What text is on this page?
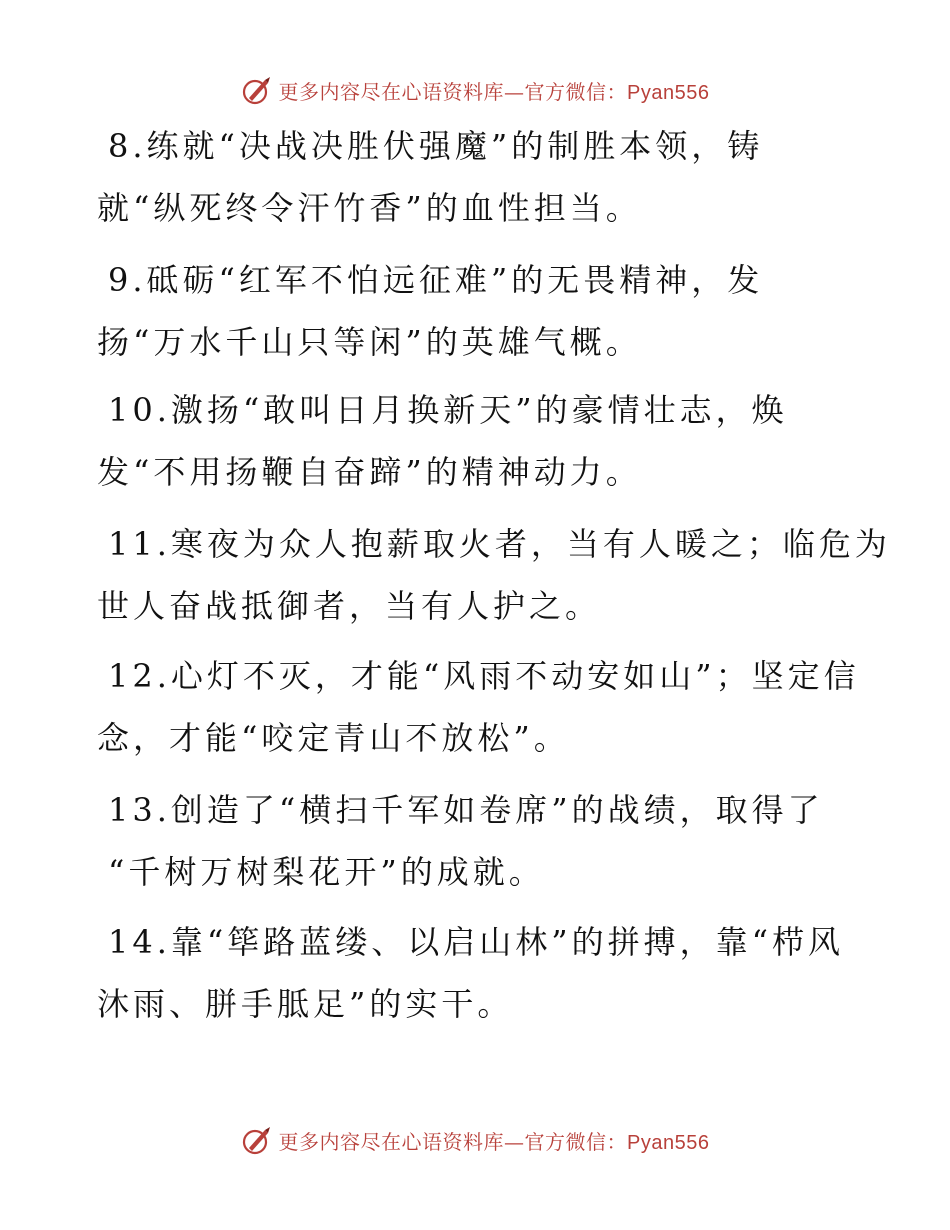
更多内容尽在心语资料库—官方微信：Pyan556
8.练就“决战决胜伏强魔”的制胜本领，铸
就“纵死终令汗竹香”的血性担当。
9.砥砺“红军不怕远征难”的无畏精神，发
扬“万水千山只等闲”的英雄气概。
10.激扬“敢叫日月换新天”的豪情壮志，焕
发“不用扬鞭自奋蹄”的精神动力。
11.寒夜为众人抱薪取火者，当有人暖之；临危为
世人奋战抵御者，当有人护之。
12.心灯不灭，才能“风雨不动安如山”；坚定信
念，才能“咬定青山不放松”。
13.创造了“横扫千军如卷席”的战绩，取得了
“千树万树梨花开”的成就。
14.靠“筚路蓝缕、以启山林”的拼搏，靠“栉风
沐雨、胼手胝足”的实干。
更多内容尽在心语资料库—官方微信：Pyan556
